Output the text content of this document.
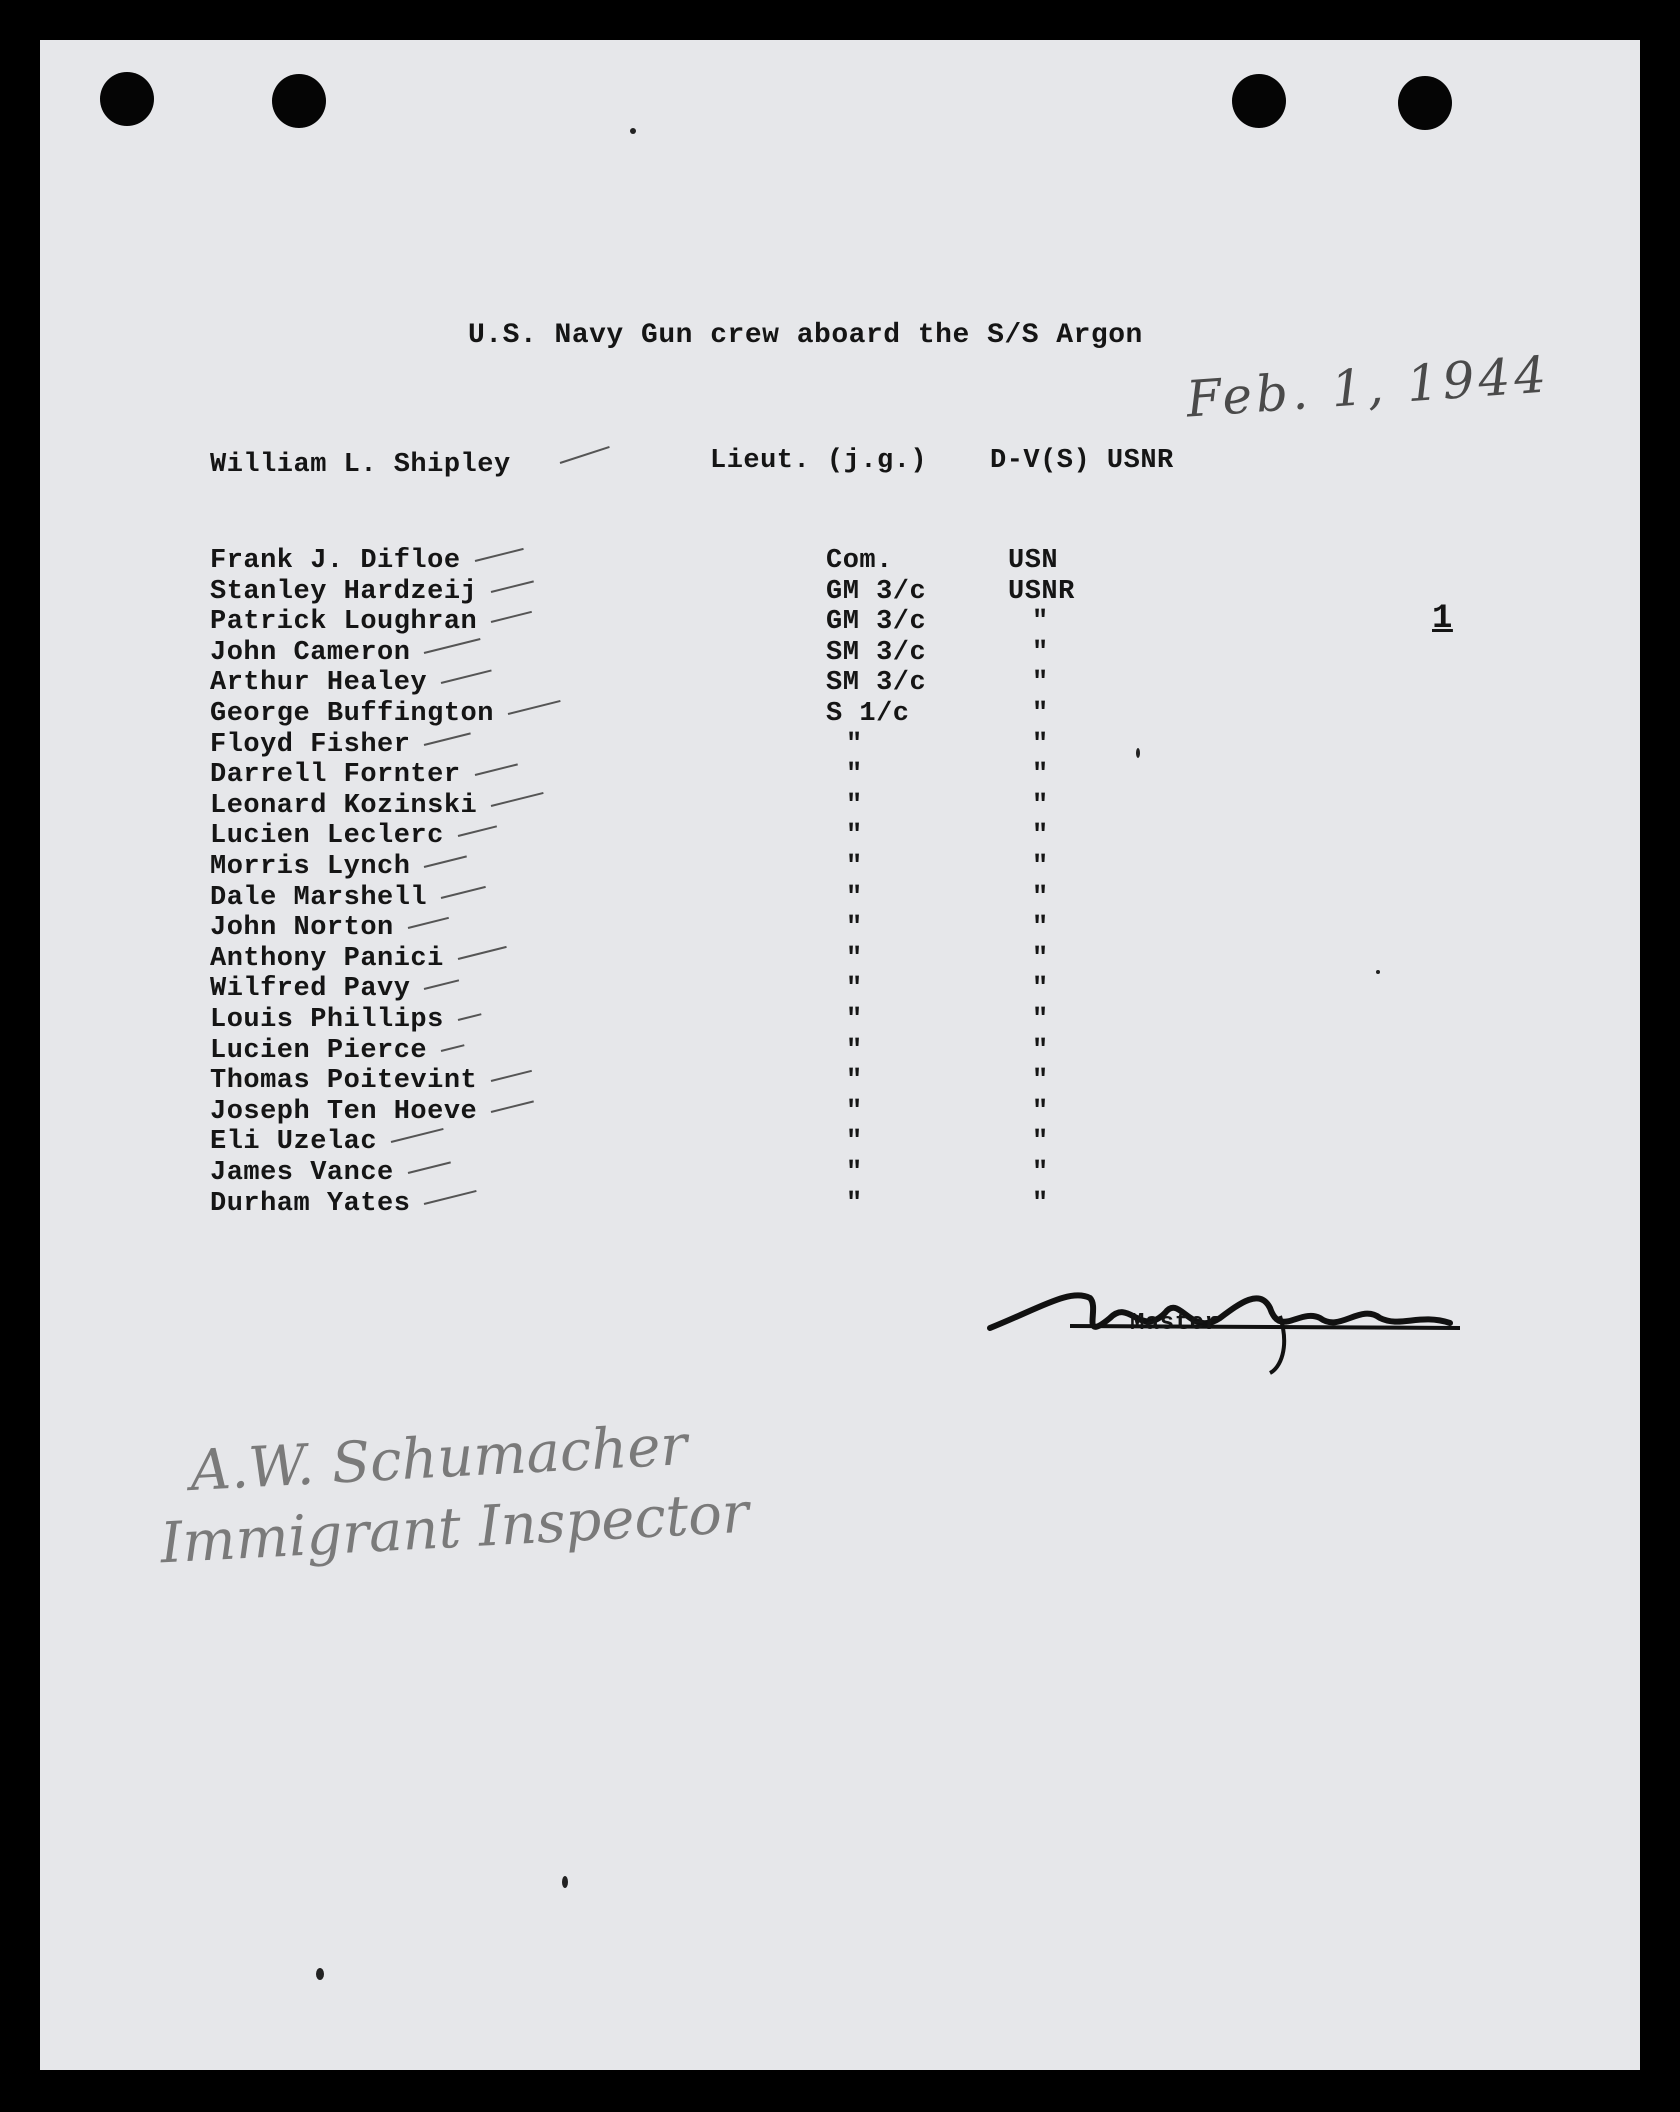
U.S. Navy Gun crew aboard the S/S Argon
Feb. 1, 1944
William L. Shipley	Lieut. (j.g.) D-V(S) USNR
Frank J. Difloe	Com.	USN
Stanley Hardzeij	GM 3/c	USNR
Patrick Loughran	GM 3/c	"
John Cameron	SM 3/c	"
Arthur Healey	SM 3/c	"
George Buffington	S 1/c	"
Floyd Fisher	"	"
Darrell Fornter	"	"
Leonard Kozinski	"	"
Lucien Leclerc	"	"
Morris Lynch	"	"
Dale Marshell	"	"
John Norton	"	"
Anthony Panici	"	"
Wilfred Pavy	"	"
Louis Phillips	"	"
Lucien Pierce	"	"
Thomas Poitevint	"	"
Joseph Ten Hoeve	"	"
Eli Uzelac	"	"
James Vance	"	"
Durham Yates	"	"
1
Master
A.W. Schumacher
Immigrant Inspector
